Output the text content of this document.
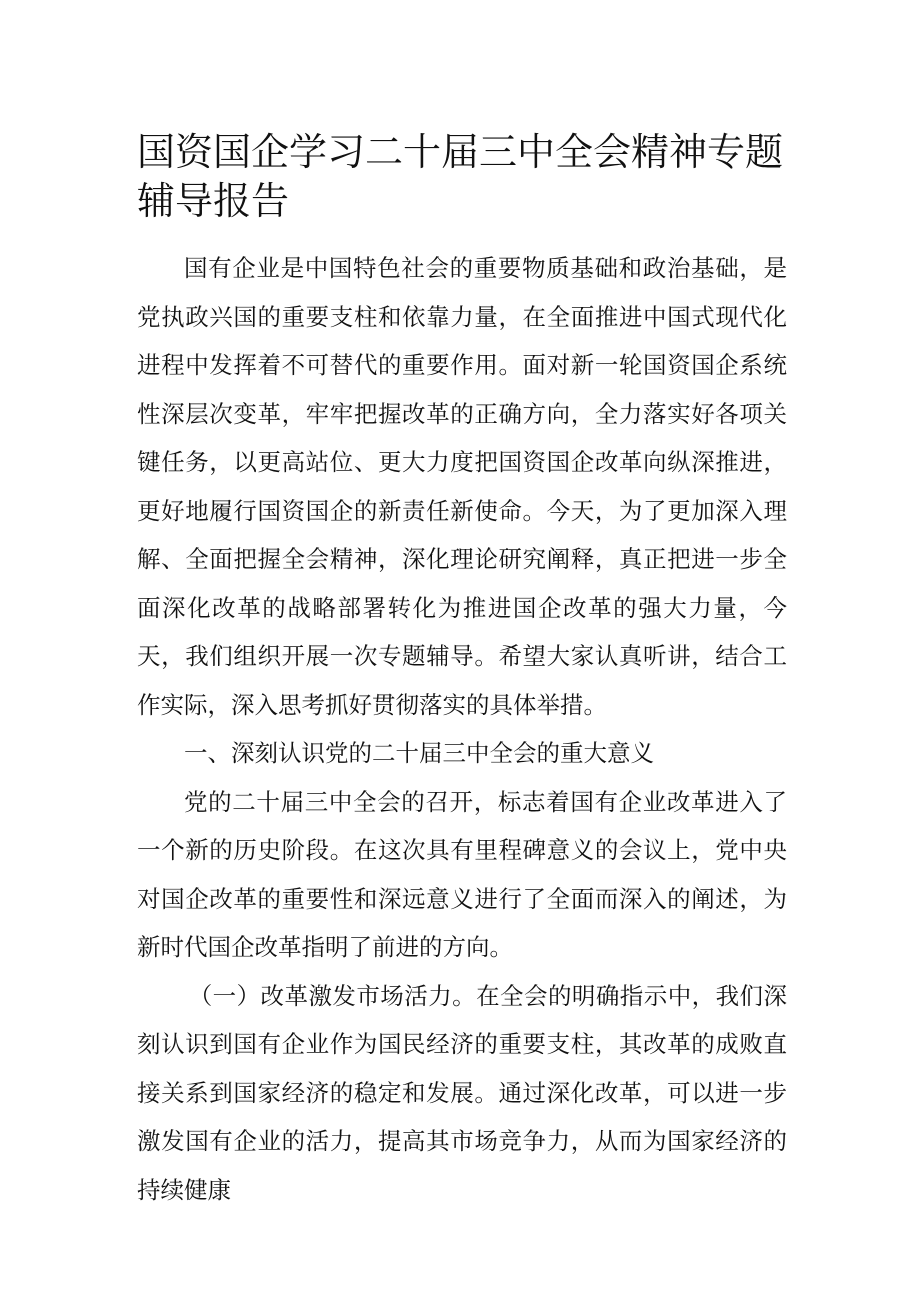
国资国企学习二十届三中全会精神专题辅导报告

国有企业是中国特色社会的重要物质基础和政治基础，是党执政兴国的重要支柱和依靠力量，在全面推进中国式现代化进程中发挥着不可替代的重要作用。面对新一轮国资国企系统性深层次变革，牢牢把握改革的正确方向，全力落实好各项关键任务，以更高站位、更大力度把国资国企改革向纵深推进，更好地履行国资国企的新责任新使命。今天，为了更加深入理解、全面把握全会精神，深化理论研究阐释，真正把进一步全面深化改革的战略部署转化为推进国企改革的强大力量，今天，我们组织开展一次专题辅导。希望大家认真听讲，结合工作实际，深入思考抓好贯彻落实的具体举措。

一、深刻认识党的二十届三中全会的重大意义

党的二十届三中全会的召开，标志着国有企业改革进入了一个新的历史阶段。在这次具有里程碑意义的会议上，党中央对国企改革的重要性和深远意义进行了全面而深入的阐述，为新时代国企改革指明了前进的方向。

（一）改革激发市场活力。在全会的明确指示中，我们深刻认识到国有企业作为国民经济的重要支柱，其改革的成败直接关系到国家经济的稳定和发展。通过深化改革，可以进一步激发国有企业的活力，提高其市场竞争力，从而为国家经济的持续健康
